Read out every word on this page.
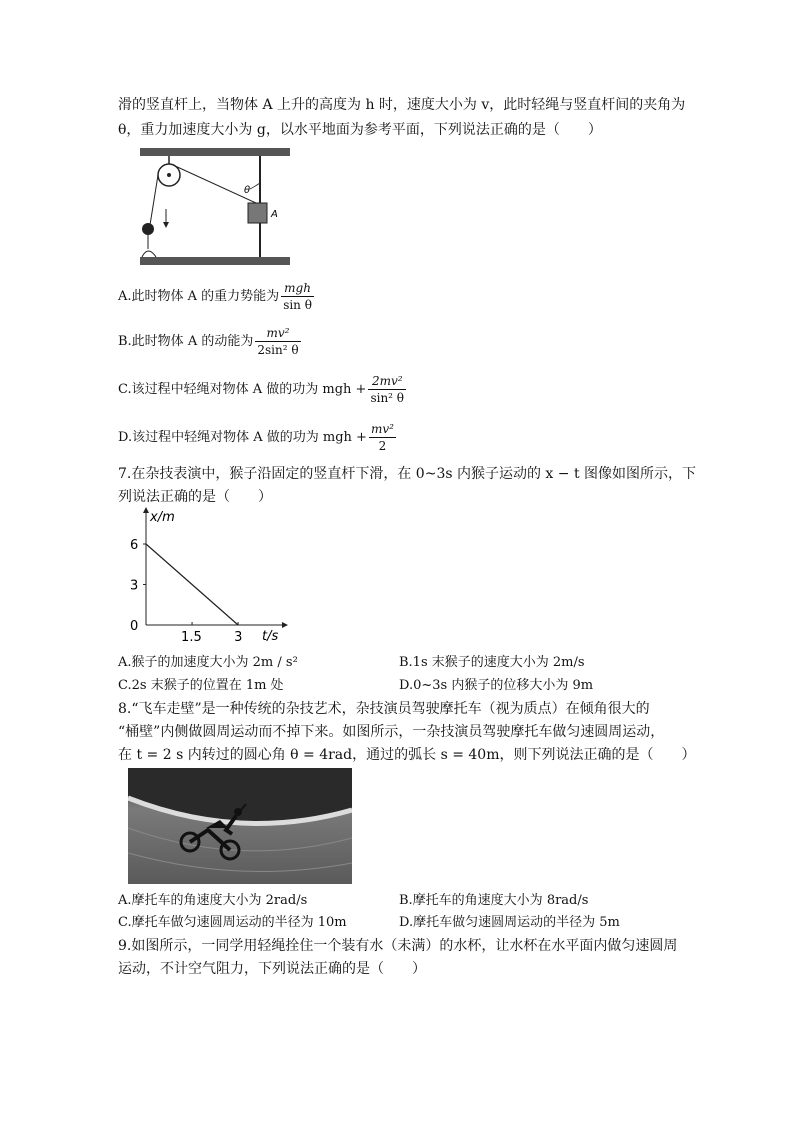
滑的竖直杆上，当物体 A 上升的高度为 h 时，速度大小为 v，此时轻绳与竖直杆间的夹角为
θ，重力加速度大小为 g，以水平地面为参考平面，下列说法正确的是（　　）
θ
A
A.此时物体 A 的重力势能为 $\frac{\text{mgh}}{\text{sin θ}}$
B.此时物体 A 的动能为 $\frac{\text{mv²}}{\text{2sin² θ}}$
C.该过程中轻绳对物体 A 做的功为 mgh + $\frac{\text{2mv²}}{\text{sin² θ}}$
D.该过程中轻绳对物体 A 做的功为 mgh + $\frac{\text{mv²}}{2}$
7.在杂技表演中，猴子沿固定的竖直杆下滑，在 0~3s 内猴子运动的 x − t 图像如图所示，下
列说法正确的是（　　）
x/m
t/s
3
6
0
1.5 3
A.猴子的加速度大小为 2m / s²	B.1s 末猴子的速度大小为 2m/s
C.2s 末猴子的位置在 1m 处	D.0~3s 内猴子的位移大小为 9m
8.“飞车走壁”是一种传统的杂技艺术，杂技演员驾驶摩托车（视为质点）在倾角很大的
“桶壁”内侧做圆周运动而不掉下来。如图所示，一杂技演员驾驶摩托车做匀速圆周运动，
在 t = 2 s 内转过的圆心角 θ = 4rad，通过的弧长 s = 40m，则下列说法正确的是（　　）
A.摩托车的角速度大小为 2rad/s	B.摩托车的角速度大小为 8rad/s
C.摩托车做匀速圆周运动的半径为 10m	D.摩托车做匀速圆周运动的半径为 5m
9.如图所示，一同学用轻绳拴住一个装有水（未满）的水杯，让水杯在水平面内做匀速圆周
运动，不计空气阻力，下列说法正确的是（　　）
